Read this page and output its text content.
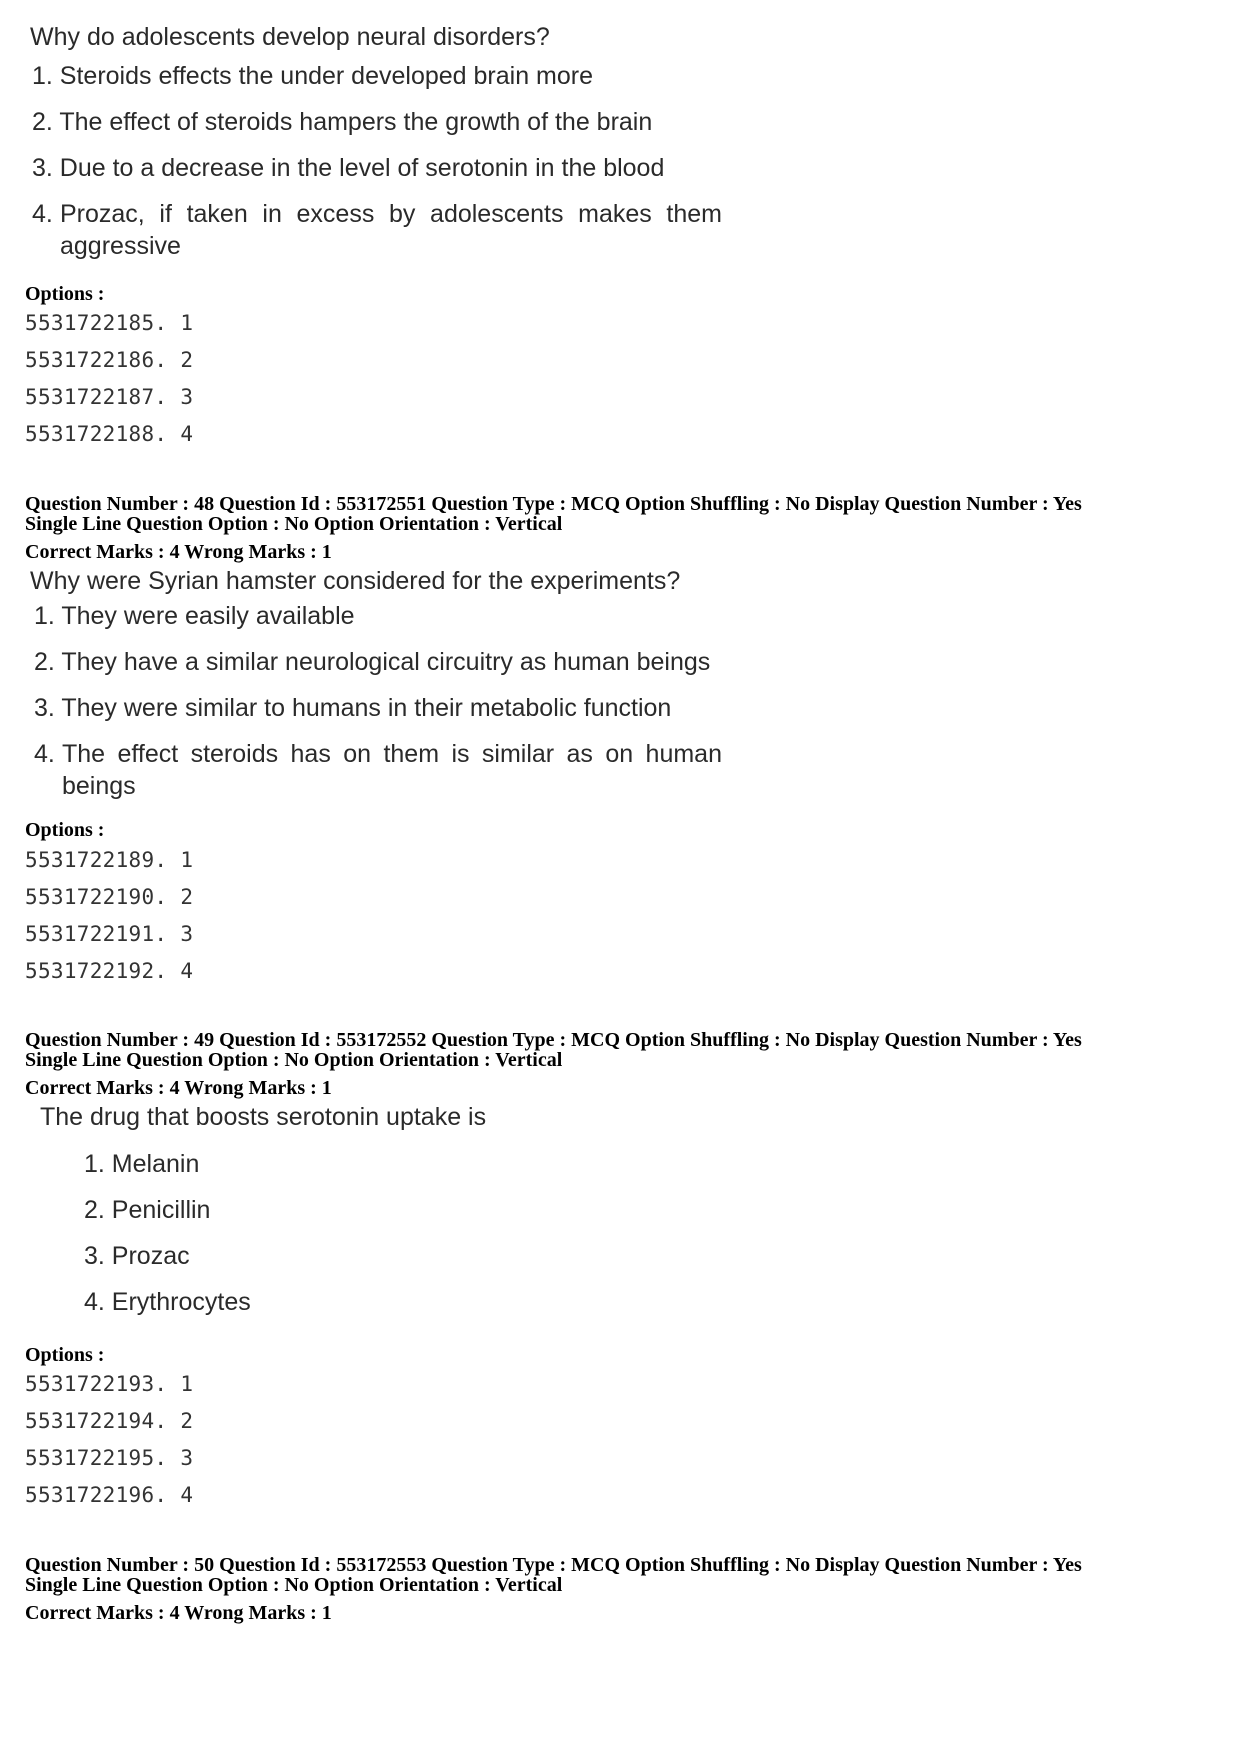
Why do adolescents develop neural disorders?
1. Steroids effects the under developed brain more
2. The effect of steroids hampers the growth of the brain
3. Due to a decrease in the level of serotonin in the blood
4. Prozac, if taken in excess by adolescents makes them aggressive
Options :
5531722185. 1
5531722186. 2
5531722187. 3
5531722188. 4
Question Number : 48 Question Id : 553172551 Question Type : MCQ Option Shuffling : No Display Question Number : Yes
Single Line Question Option : No Option Orientation : Vertical
Correct Marks : 4 Wrong Marks : 1
Why were Syrian hamster considered for the experiments?
1. They were easily available
2. They have a similar neurological circuitry as human beings
3. They were similar to humans in their metabolic function
4. The effect steroids has on them is similar as on human beings
Options :
5531722189. 1
5531722190. 2
5531722191. 3
5531722192. 4
Question Number : 49 Question Id : 553172552 Question Type : MCQ Option Shuffling : No Display Question Number : Yes
Single Line Question Option : No Option Orientation : Vertical
Correct Marks : 4 Wrong Marks : 1
The drug that boosts serotonin uptake is
1. Melanin
2. Penicillin
3. Prozac
4. Erythrocytes
Options :
5531722193. 1
5531722194. 2
5531722195. 3
5531722196. 4
Question Number : 50 Question Id : 553172553 Question Type : MCQ Option Shuffling : No Display Question Number : Yes
Single Line Question Option : No Option Orientation : Vertical
Correct Marks : 4 Wrong Marks : 1
